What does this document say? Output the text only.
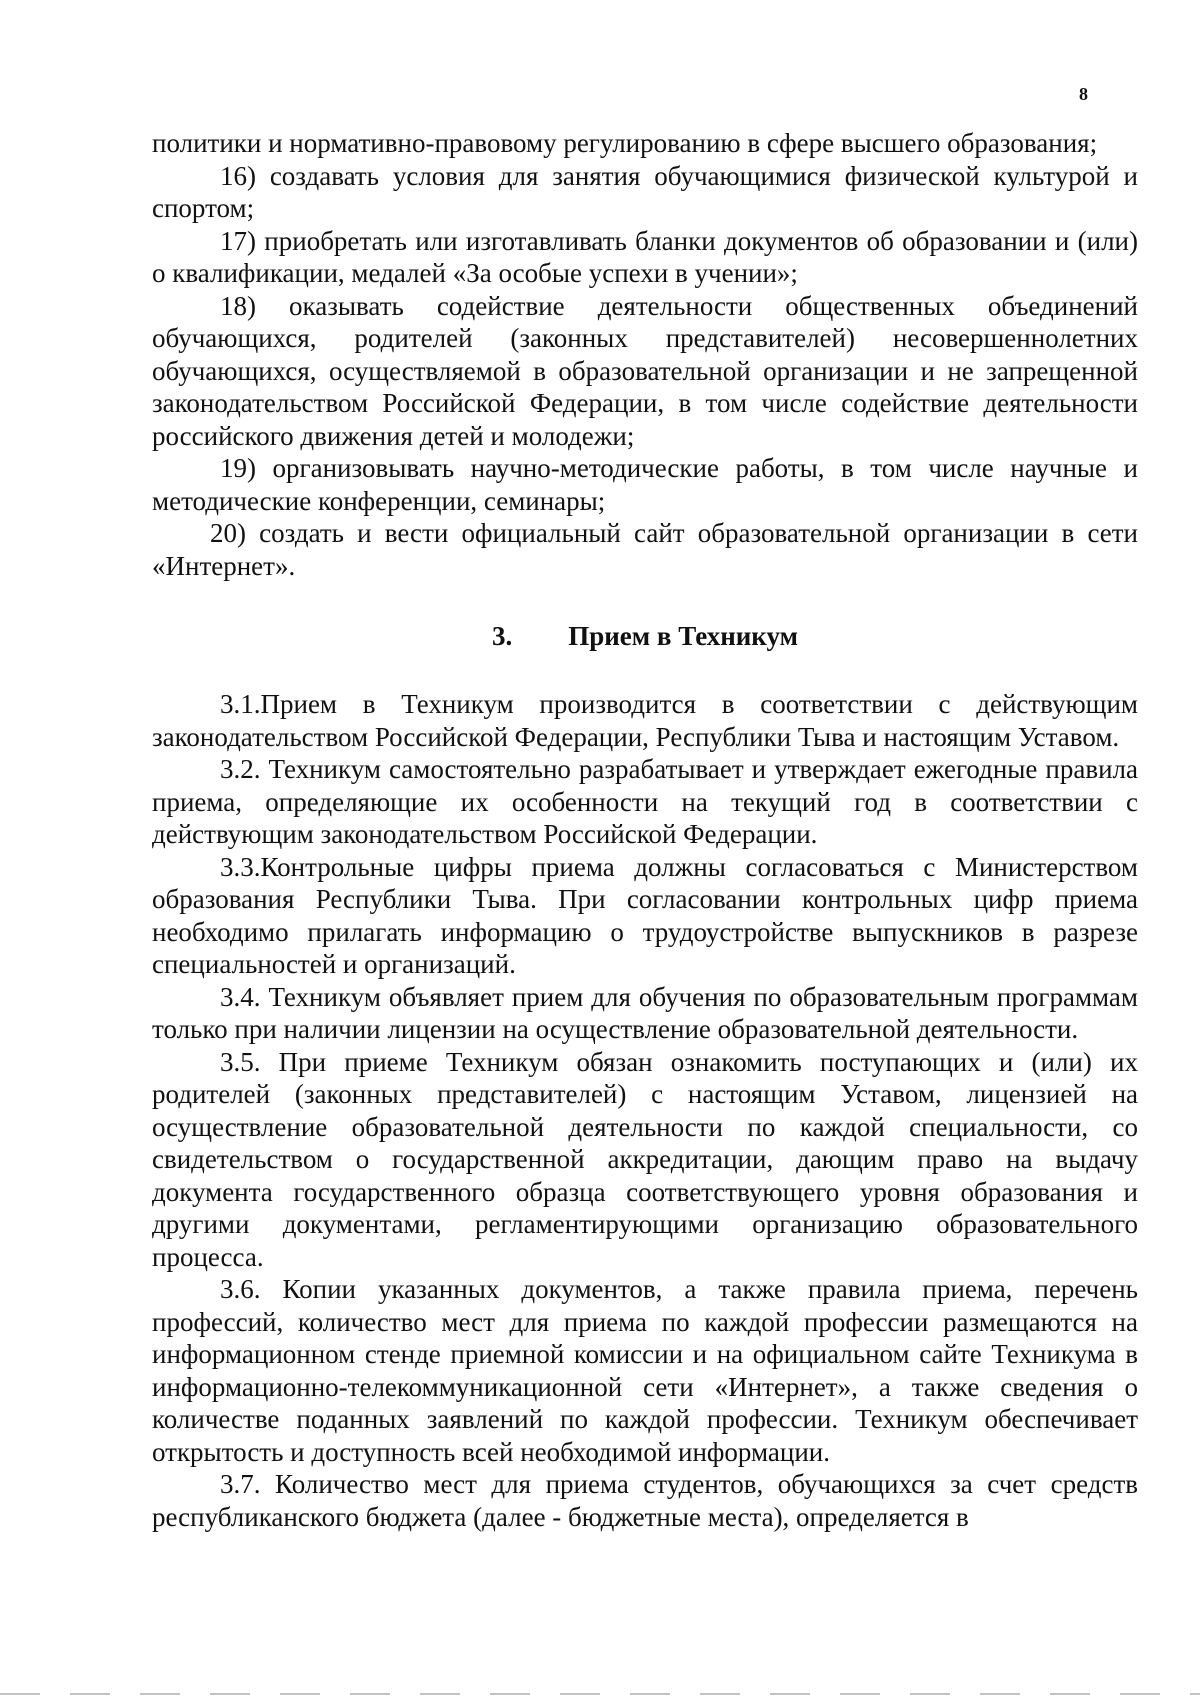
8

политики и нормативно-правовому регулированию в сфере высшего образования;

16) создавать условия для занятия обучающимися физической культурой и спортом;

17) приобретать или изготавливать бланки документов об образовании и (или) о квалификации, медалей «За особые успехи в учении»;

18) оказывать содействие деятельности общественных объединений обучающихся, родителей (законных представителей) несовершеннолетних обучающихся, осуществляемой в образовательной организации и не запрещенной законодательством Российской Федерации, в том числе содействие деятельности российского движения детей и молодежи;

19) организовывать научно-методические работы, в том числе научные и методические конференции, семинары;

20) создать и вести официальный сайт образовательной организации в сети «Интернет».

3. Прием в Техникум

3.1.Прием в Техникум производится в соответствии с действующим законодательством Российской Федерации, Республики Тыва и настоящим Уставом.

3.2. Техникум самостоятельно разрабатывает и утверждает ежегодные правила приема, определяющие их особенности на текущий год в соответствии с действующим законодательством Российской Федерации.

3.3.Контрольные цифры приема должны согласоваться с Министерством образования Республики Тыва. При согласовании контрольных цифр приема необходимо прилагать информацию о трудоустройстве выпускников в разрезе специальностей и организаций.

3.4. Техникум объявляет прием для обучения по образовательным программам только при наличии лицензии на осуществление образовательной деятельности.

3.5. При приеме Техникум обязан ознакомить поступающих и (или) их родителей (законных представителей) с настоящим Уставом, лицензией на осуществление образовательной деятельности по каждой специальности, со свидетельством о государственной аккредитации, дающим право на выдачу документа государственного образца соответствующего уровня образования и другими документами, регламентирующими организацию образовательного процесса.

3.6. Копии указанных документов, а также правила приема, перечень профессий, количество мест для приема по каждой профессии размещаются на информационном стенде приемной комиссии и на официальном сайте Техникума в информационно-телекоммуникационной сети «Интернет», а также сведения о количестве поданных заявлений по каждой профессии. Техникум обеспечивает открытость и доступность всей необходимой информации.

3.7. Количество мест для приема студентов, обучающихся за счет средств республиканского бюджета (далее - бюджетные места), определяется в
